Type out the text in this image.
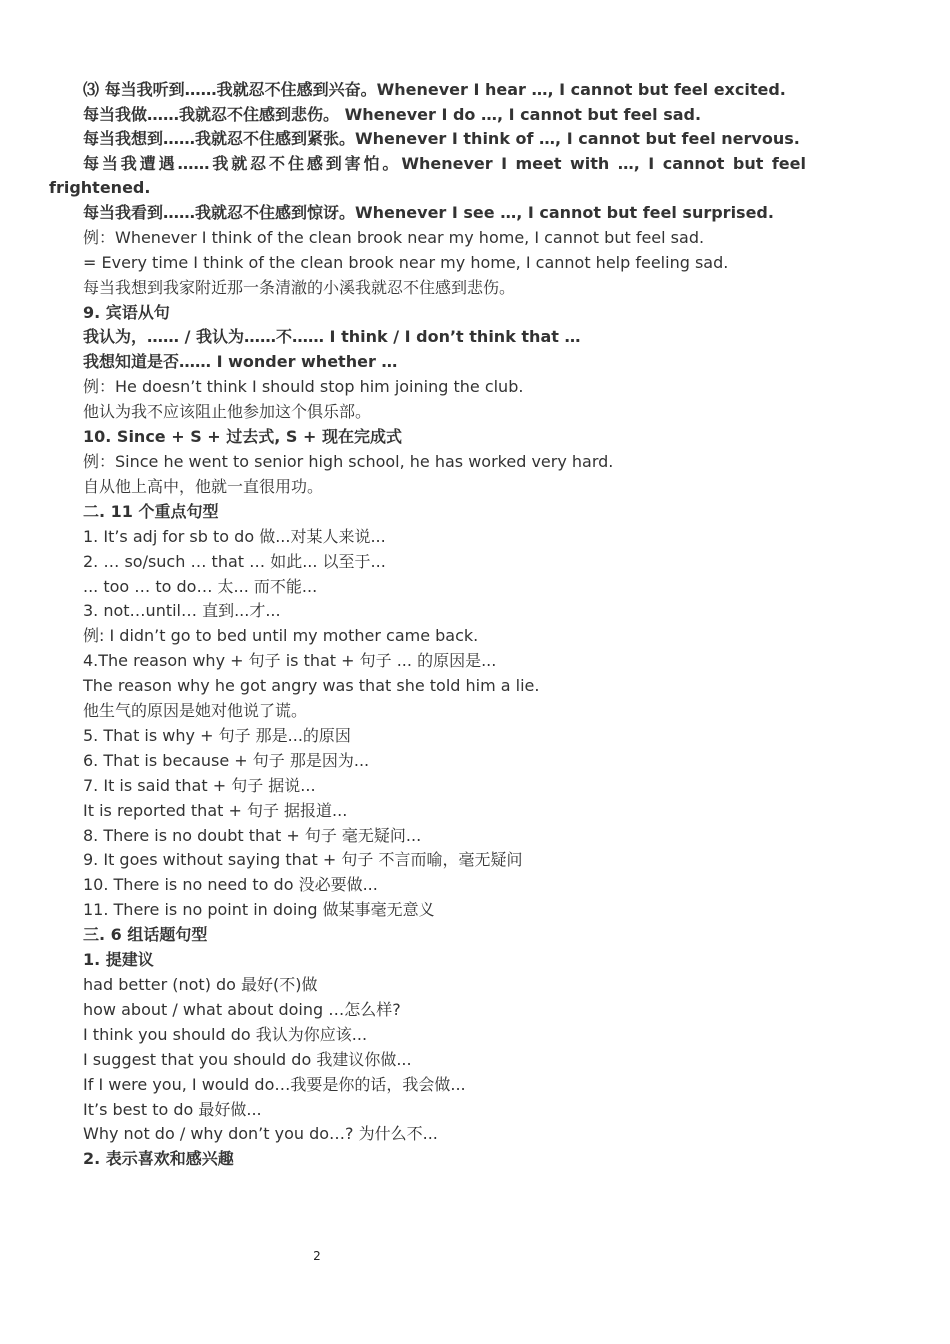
⑶ 每当我听到……我就忍不住感到兴奋。Whenever I hear …, I cannot but feel excited.
每当我做……我就忍不住感到悲伤。 Whenever I do …, I cannot but feel sad.
每当我想到……我就忍不住感到紧张。Whenever I think of …, I cannot but feel nervous.
每当我遭遇……我就忍不住感到害怕。Whenever I meet with …, I cannot but feel frightened.
每当我看到……我就忍不住感到惊讶。Whenever I see …, I cannot but feel surprised.
例：Whenever I think of the clean brook near my home, I cannot but feel sad.
= Every time I think of the clean brook near my home, I cannot help feeling sad.
每当我想到我家附近那一条清澈的小溪我就忍不住感到悲伤。
9. 宾语从句
我认为，…… / 我认为……不…… I think / I don’t think that …
我想知道是否…… I wonder whether …
例：He doesn’t think I should stop him joining the club.
他认为我不应该阻止他参加这个俱乐部。
10. Since + S + 过去式, S + 现在完成式
例：Since he went to senior high school, he has worked very hard.
自从他上高中，他就一直很用功。
二. 11 个重点句型
1. It’s adj for sb to do 做...对某人来说...
2. … so/such … that … 如此... 以至于...
... too … to do… 太... 而不能...
3. not…until… 直到...才...
例: I didn’t go to bed until my mother came back.
4.The reason why + 句子 is that + 句子 ... 的原因是...
The reason why he got angry was that she told him a lie.
他生气的原因是她对他说了谎。
5. That is why + 句子 那是...的原因
6. That is because + 句子 那是因为...
7. It is said that + 句子 据说...
It is reported that + 句子 据报道...
8. There is no doubt that + 句子 毫无疑问...
9. It goes without saying that + 句子 不言而喻，毫无疑问
10. There is no need to do 没必要做...
11. There is no point in doing 做某事毫无意义
三. 6 组话题句型
1. 提建议
had better (not) do 最好(不)做
how about / what about doing …怎么样?
I think you should do 我认为你应该...
I suggest that you should do 我建议你做...
If I were you, I would do…我要是你的话，我会做...
It’s best to do 最好做...
Why not do / why don’t you do…? 为什么不...
2. 表示喜欢和感兴趣
2
